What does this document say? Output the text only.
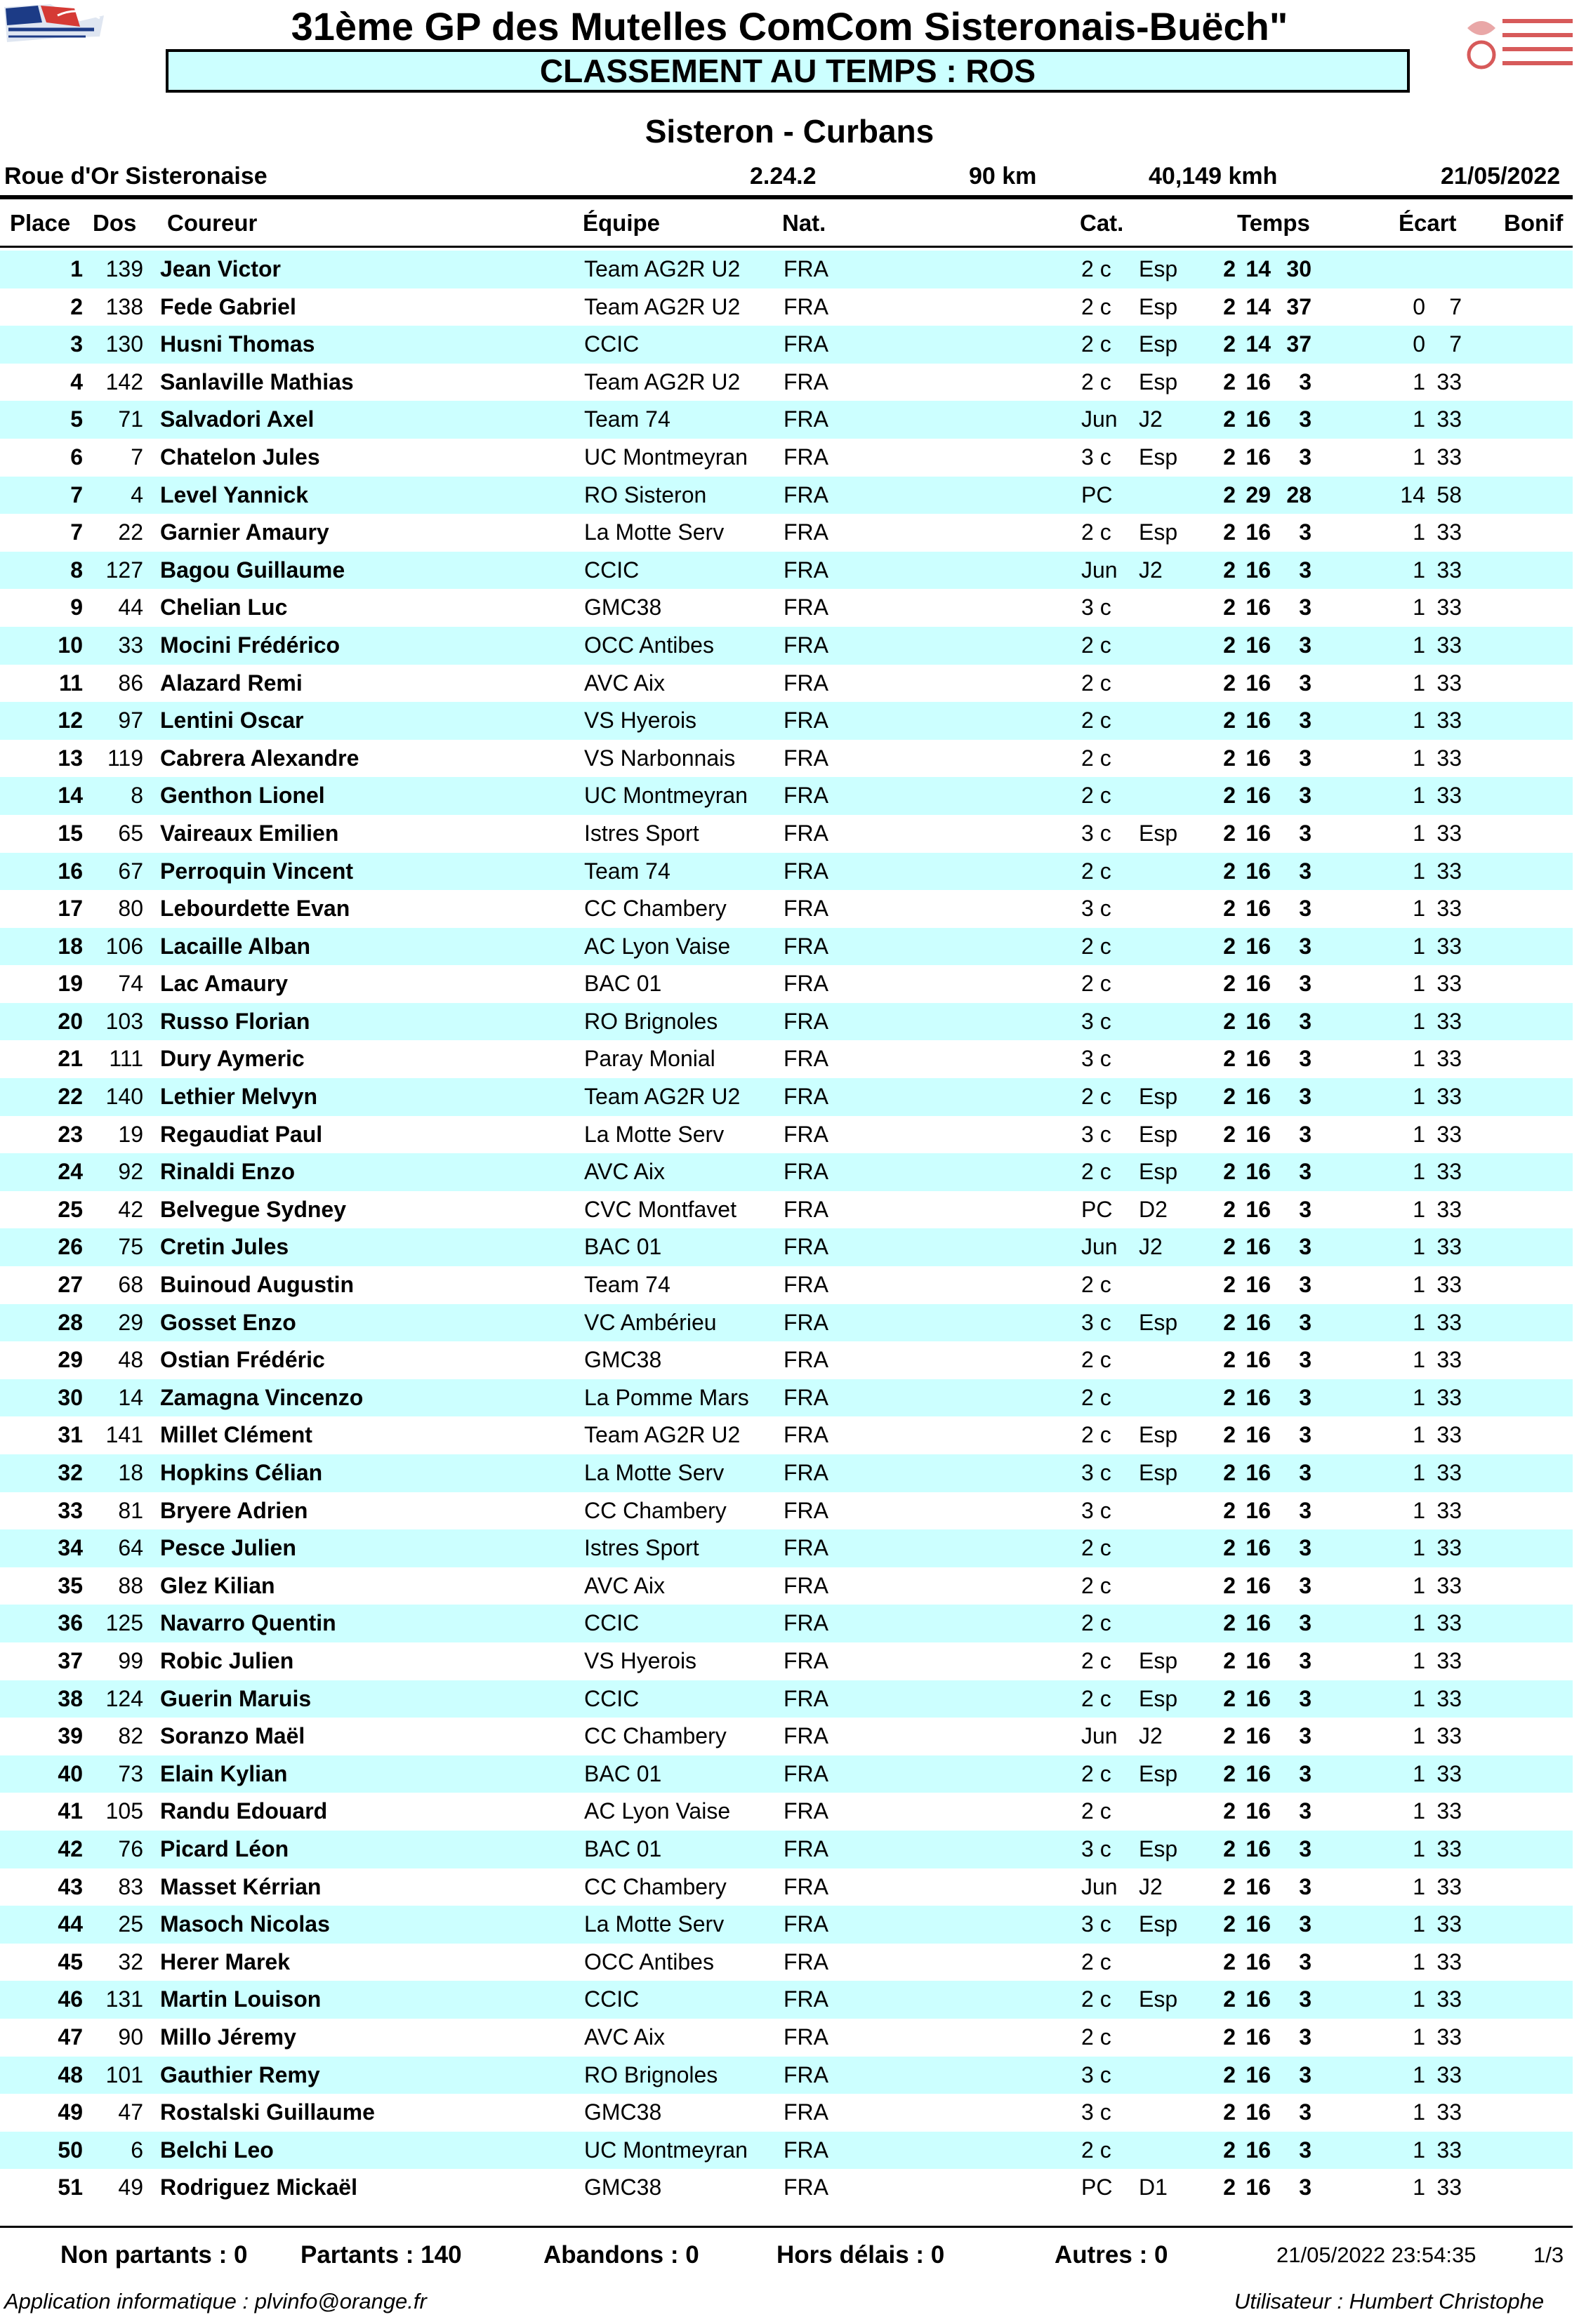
31ème GP des Mutelles ComCom Sisteronais-Buëch"
CLASSEMENT AU TEMPS : ROS
Sisteron - Curbans
Roue d'Or Sisteronaise	2.24.2	90 km	40,149 kmh	21/05/2022
Place Dos Coureur	Équipe	Nat.	Cat.	Temps	Écart Bonif
1	139 Jean Victor	Team AG2R U2	FRA	2 c	Esp	2 14 30
2	138 Fede Gabriel	Team AG2R U2	FRA	2 c	Esp	2 14 37	0	7
3	130 Husni Thomas	CCIC	FRA	2 c	Esp	2 14 37	0	7
4	142 Sanlaville Mathias	Team AG2R U2	FRA	2 c	Esp	2 16	3	1 33
5	71 Salvadori Axel	Team 74	FRA	Jun J2	2 16	3	1 33
6	7 Chatelon Jules	UC Montmeyran	FRA	3 c	Esp	2 16	3	1 33
7	4 Level Yannick	RO Sisteron	FRA	PC	2 29 28	14 58
7	22 Garnier Amaury	La Motte Serv	FRA	2 c	Esp	2 16	3	1 33
8	127 Bagou Guillaume	CCIC	FRA	Jun J2	2 16	3	1 33
9	44 Chelian Luc	GMC38	FRA	3 c	2 16	3	1 33
10	33 Mocini Frédérico	OCC Antibes	FRA	2 c	2 16	3	1 33
11	86 Alazard Remi	AVC Aix	FRA	2 c	2 16	3	1 33
12	97 Lentini Oscar	VS Hyerois	FRA	2 c	2 16	3	1 33
13	119 Cabrera Alexandre	VS Narbonnais	FRA	2 c	2 16	3	1 33
14	8 Genthon Lionel	UC Montmeyran	FRA	2 c	2 16	3	1 33
15	65 Vaireaux Emilien	Istres Sport	FRA	3 c	Esp	2 16	3	1 33
16	67 Perroquin Vincent	Team 74	FRA	2 c	2 16	3	1 33
17	80 Lebourdette Evan	CC Chambery	FRA	3 c	2 16	3	1 33
18	106 Lacaille Alban	AC Lyon Vaise	FRA	2 c	2 16	3	1 33
19	74 Lac Amaury	BAC 01	FRA	2 c	2 16	3	1 33
20	103 Russo Florian	RO Brignoles	FRA	3 c	2 16	3	1 33
21	111 Dury Aymeric	Paray Monial	FRA	3 c	2 16	3	1 33
22	140 Lethier Melvyn	Team AG2R U2	FRA	2 c	Esp	2 16	3	1 33
23	19 Regaudiat Paul	La Motte Serv	FRA	3 c	Esp	2 16	3	1 33
24	92 Rinaldi Enzo	AVC Aix	FRA	2 c	Esp	2 16	3	1 33
25	42 Belvegue Sydney	CVC Montfavet	FRA	PC	D2	2 16	3	1 33
26	75 Cretin Jules	BAC 01	FRA	Jun J2	2 16	3	1 33
27	68 Buinoud Augustin	Team 74	FRA	2 c	2 16	3	1 33
28	29 Gosset Enzo	VC Ambérieu	FRA	3 c	Esp	2 16	3	1 33
29	48 Ostian Frédéric	GMC38	FRA	2 c	2 16	3	1 33
30	14 Zamagna Vincenzo	La Pomme Mars	FRA	2 c	2 16	3	1 33
31	141 Millet Clément	Team AG2R U2	FRA	2 c	Esp	2 16	3	1 33
32	18 Hopkins Célian	La Motte Serv	FRA	3 c	Esp	2 16	3	1 33
33	81 Bryere Adrien	CC Chambery	FRA	3 c	2 16	3	1 33
34	64 Pesce Julien	Istres Sport	FRA	2 c	2 16	3	1 33
35	88 Glez Kilian	AVC Aix	FRA	2 c	2 16	3	1 33
36	125 Navarro Quentin	CCIC	FRA	2 c	2 16	3	1 33
37	99 Robic Julien	VS Hyerois	FRA	2 c	Esp	2 16	3	1 33
38	124 Guerin Maruis	CCIC	FRA	2 c	Esp	2 16	3	1 33
39	82 Soranzo Maël	CC Chambery	FRA	Jun J2	2 16	3	1 33
40	73 Elain Kylian	BAC 01	FRA	2 c	Esp	2 16	3	1 33
41	105 Randu Edouard	AC Lyon Vaise	FRA	2 c	2 16	3	1 33
42	76 Picard Léon	BAC 01	FRA	3 c	Esp	2 16	3	1 33
43	83 Masset Kérrian	CC Chambery	FRA	Jun J2	2 16	3	1 33
44	25 Masoch Nicolas	La Motte Serv	FRA	3 c	Esp	2 16	3	1 33
45	32 Herer Marek	OCC Antibes	FRA	2 c	2 16	3	1 33
46	131 Martin Louison	CCIC	FRA	2 c	Esp	2 16	3	1 33
47	90 Millo Jéremy	AVC Aix	FRA	2 c	2 16	3	1 33
48	101 Gauthier Remy	RO Brignoles	FRA	3 c	2 16	3	1 33
49	47 Rostalski Guillaume	GMC38	FRA	3 c	2 16	3	1 33
50	6 Belchi Leo	UC Montmeyran	FRA	2 c	2 16	3	1 33
51	49 Rodriguez Mickaël	GMC38	FRA	PC	D1	2 16	3	1 33
Non partants : 0 Partants : 140	Abandons : 0	Hors délais : 0	Autres : 0	21/05/2022 23:54:35	1/3
Application informatique : plvinfo@orange.fr	Utilisateur : Humbert Christophe
